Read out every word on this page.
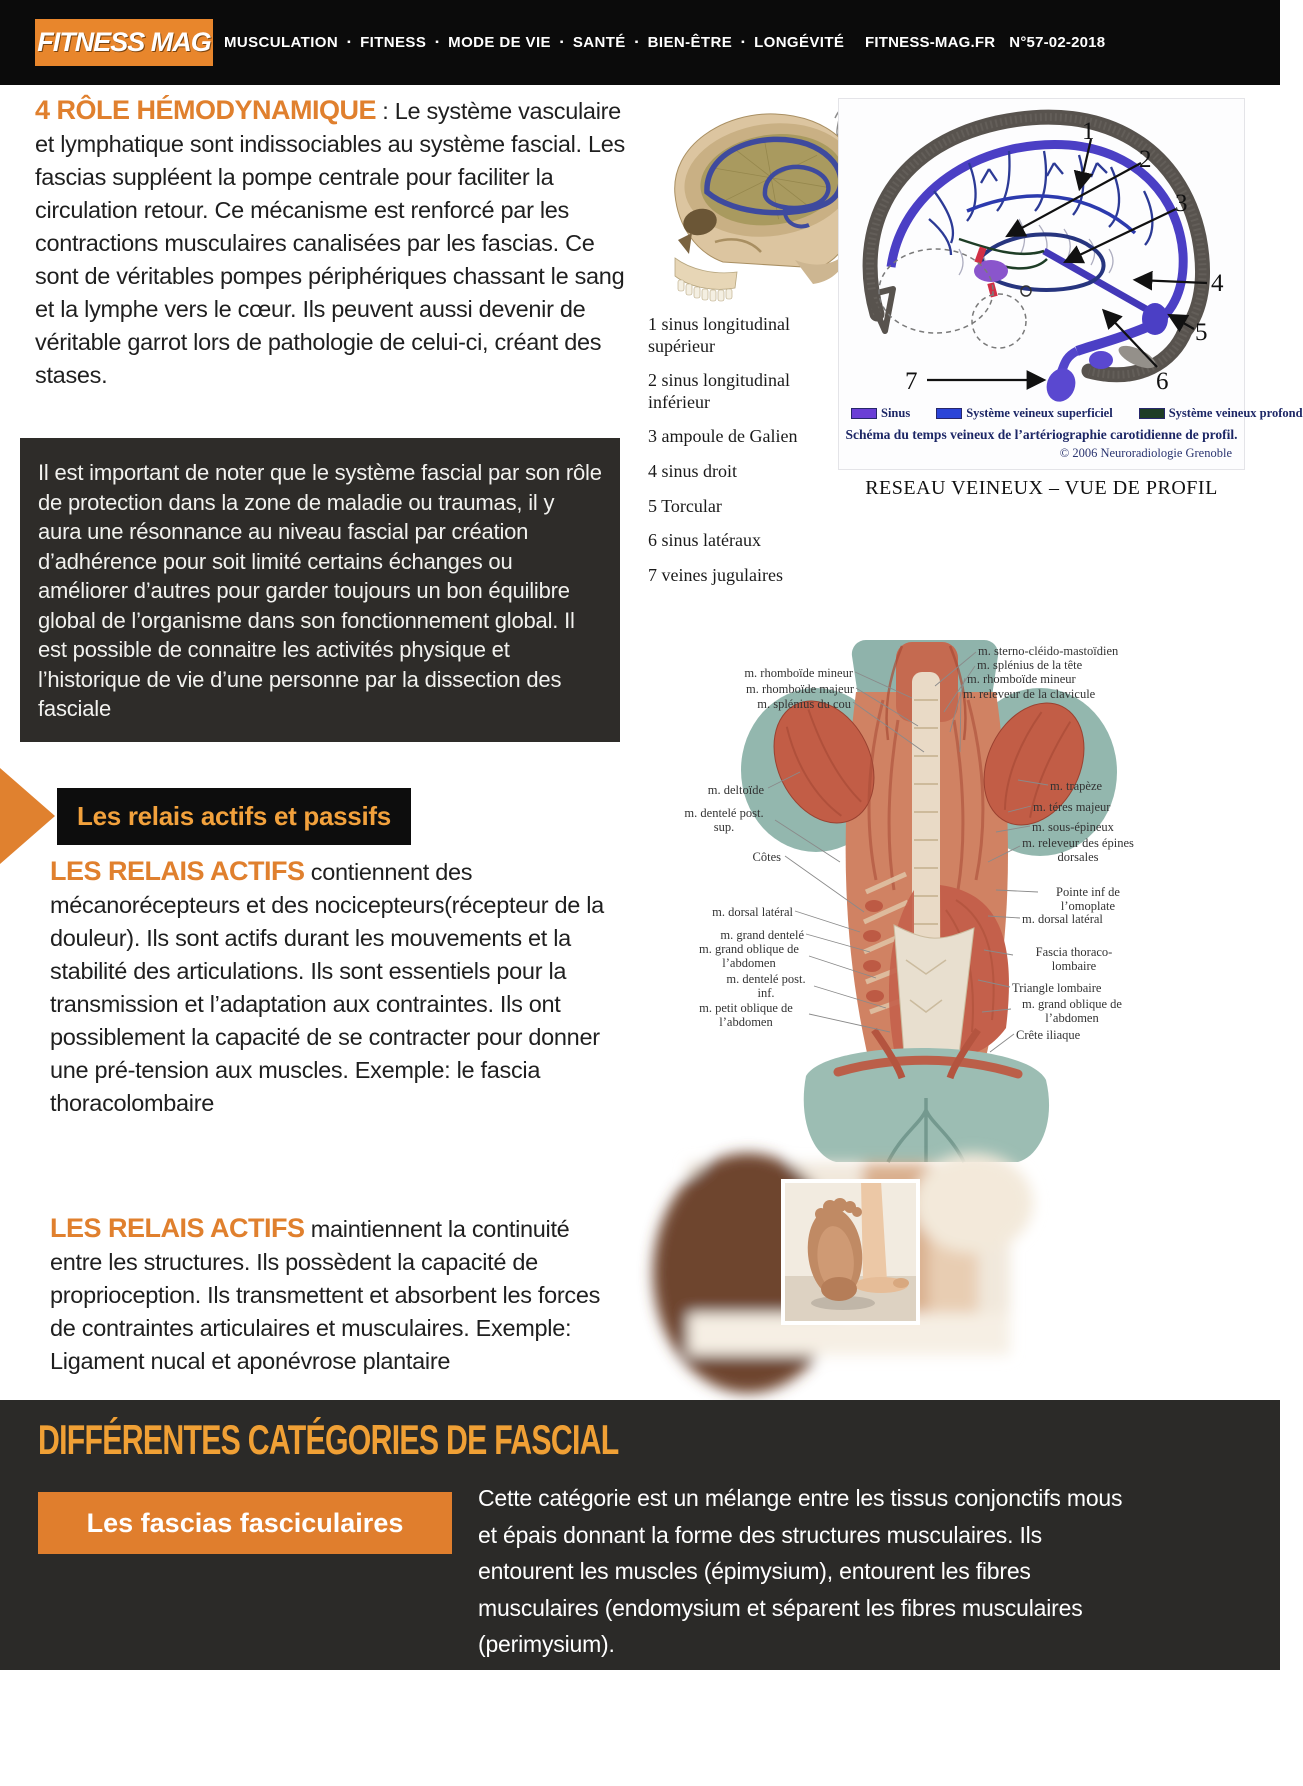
FITNESS MAG MUSCULATION ▪ FITNESS ▪ MODE DE VIE ▪ SANTÉ ▪ BIEN-ÊTRE ▪ LONGÉVITÉ FITNESS-MAG.FR N°57-02-2018
4 RÔLE HÉMODYNAMIQUE : Le système vasculaire et lymphatique sont indissociables au système fascial. Les fascias suppléent la pompe centrale pour faciliter la circulation retour. Ce mécanisme est renforcé par les contractions musculaires canalisées par les fascias. Ce sont de véritables pompes périphériques chassant le sang et la lymphe vers le cœur. Ils peuvent aussi devenir de véritable garrot lors de pathologie de celui-ci, créant des stases.
Il est important de noter que le système fascial par son rôle de protection dans la zone de maladie ou traumas, il y aura une résonnance au niveau fascial par création d’adhérence pour soit limité certains échanges ou améliorer d’autres pour garder toujours un bon équilibre global de l’organisme dans son fonctionnement global. Il est possible de connaitre les activités physique et l’historique de vie d’une personne par la dissection des fasciale
Les relais actifs et passifs
LES RELAIS ACTIFS contiennent des mécanorécepteurs et des nocicepteurs(récepteur de la douleur). Ils sont actifs durant les mouvements et la stabilité des articulations. Ils sont essentiels pour la transmission et l’adaptation aux contraintes. Ils ont possiblement la capacité de se contracter pour donner une pré-tension aux muscles. Exemple: le fascia thoracolombaire
LES RELAIS ACTIFS maintiennent la continuité entre les structures. Ils possèdent la capacité de proprioception. Ils transmettent et absorbent les forces de contraintes articulaires et musculaires. Exemple: Ligament nucal et aponévrose plantaire
1
2
3
4
5
6
7
Sinus	Système veineux superficiel	Système veineux profond
Schéma du temps veineux de l’artériographie carotidienne de profil.
© 2006 Neuroradiologie Grenoble
1 sinus longitudinal supérieur
2 sinus longitudinal inférieur
3 ampoule de Galien
4 sinus droit
5 Torcular
6 sinus latéraux
7 veines jugulaires
RESEAU VEINEUX – VUE DE PROFIL
m. rhomboïde mineur
m. rhomboïde majeur
m. splénius du cou
m. deltoïde
m. dentelé post. sup.
Côtes
m. dorsal latéral
m. grand dentelé
m. grand oblique de l’abdomen
m. dentelé post. inf.
m. petit oblique de l’abdomen
m. sterno-cléido-mastoïdien
m. splénius de la tête
m. rhomboïde mineur
m. releveur de la clavicule
m. trapèze
m. téres majeur
m. sous-épineux
m. releveur des épines dorsales
Pointe inf de l’omoplate
m. dorsal latéral
Fascia thoraco-lombaire
Triangle lombaire
m. grand oblique de l’abdomen
Crête iliaque
DIFFÉRENTES CATÉGORIES DE FASCIAL
Les fascias fasciculaires
Cette catégorie est un mélange entre les tissus conjonctifs mous et épais donnant la forme des structures musculaires. Ils entourent les muscles (épimysium), entourent les fibres musculaires (endomysium et séparent les fibres musculaires (perimysium).
